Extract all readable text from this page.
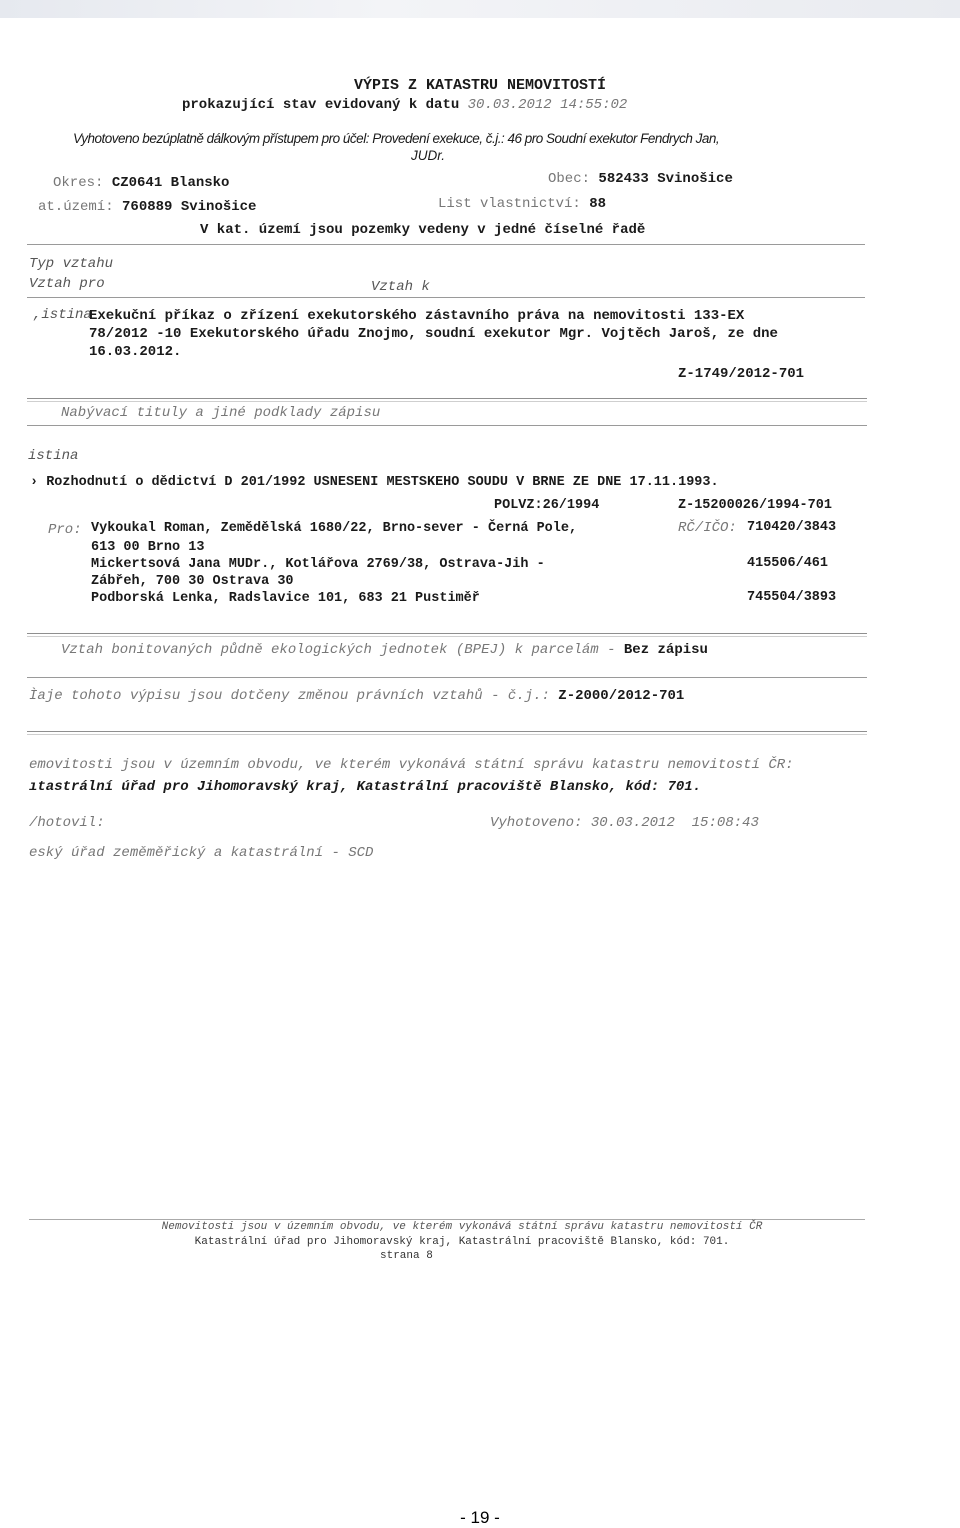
VÝPIS Z KATASTRU NEMOVITOSTÍ
prokazující stav evidovaný k datu 30.03.2012 14:55:02
Vyhotoveno bezúplatně dálkovým přístupem pro účel: Provedení exekuce, č.j.: 46 pro Soudní exekutor Fendrych Jan,
JUDr.
Okres: CZ0641 Blansko	Obec: 582433 Svinošice
at.území: 760889 Svinošice	List vlastnictví: 88
V kat. území jsou pozemky vedeny v jedné číselné řadě
Typ vztahu
Vztah pro	Vztah k
,istina
Exekuční příkaz o zřízení exekutorského zástavního práva na nemovitosti 133-EX
78/2012 -10 Exekutorského úřadu Znojmo, soudní exekutor Mgr. Vojtěch Jaroš, ze dne
16.03.2012.
Z-1749/2012-701
Nabývací tituly a jiné podklady zápisu
istina
› Rozhodnutí o dědictví D 201/1992 USNESENI MESTSKEHO SOUDU V BRNE ZE DNE 17.11.1993.
POLVZ:26/1994	Z-15200026/1994-701
Pro:	RČ/IČO:
Vykoukal Roman, Zemědělská 1680/22, Brno-sever - Černá Pole,
613 00 Brno 13
710420/3843
Mickertsová Jana MUDr., Kotlářova 2769/38, Ostrava-Jih -
Zábřeh, 700 30 Ostrava 30
415506/461
Podborská Lenka, Radslavice 101, 683 21 Pustiměř	745504/3893
Vztah bonitovaných půdně ekologických jednotek (BPEJ) k parcelám - Bez zápisu
Ìaje tohoto výpisu jsou dotčeny změnou právních vztahů - č.j.: Z-2000/2012-701
emovitosti jsou v územním obvodu, ve kterém vykonává státní správu katastru nemovitostí ČR:
ıtastrální úřad pro Jihomoravský kraj, Katastrální pracoviště Blansko, kód: 701.
/hotovil:	Vyhotoveno: 30.03.2012  15:08:43
eský úřad zeměměřický a katastrální - SCD
Nemovitosti jsou v územním obvodu, ve kterém vykonává státní správu katastru nemovitostí ČR
Katastrální úřad pro Jihomoravský kraj, Katastrální pracoviště Blansko, kód: 701.
strana 8
- 19 -
